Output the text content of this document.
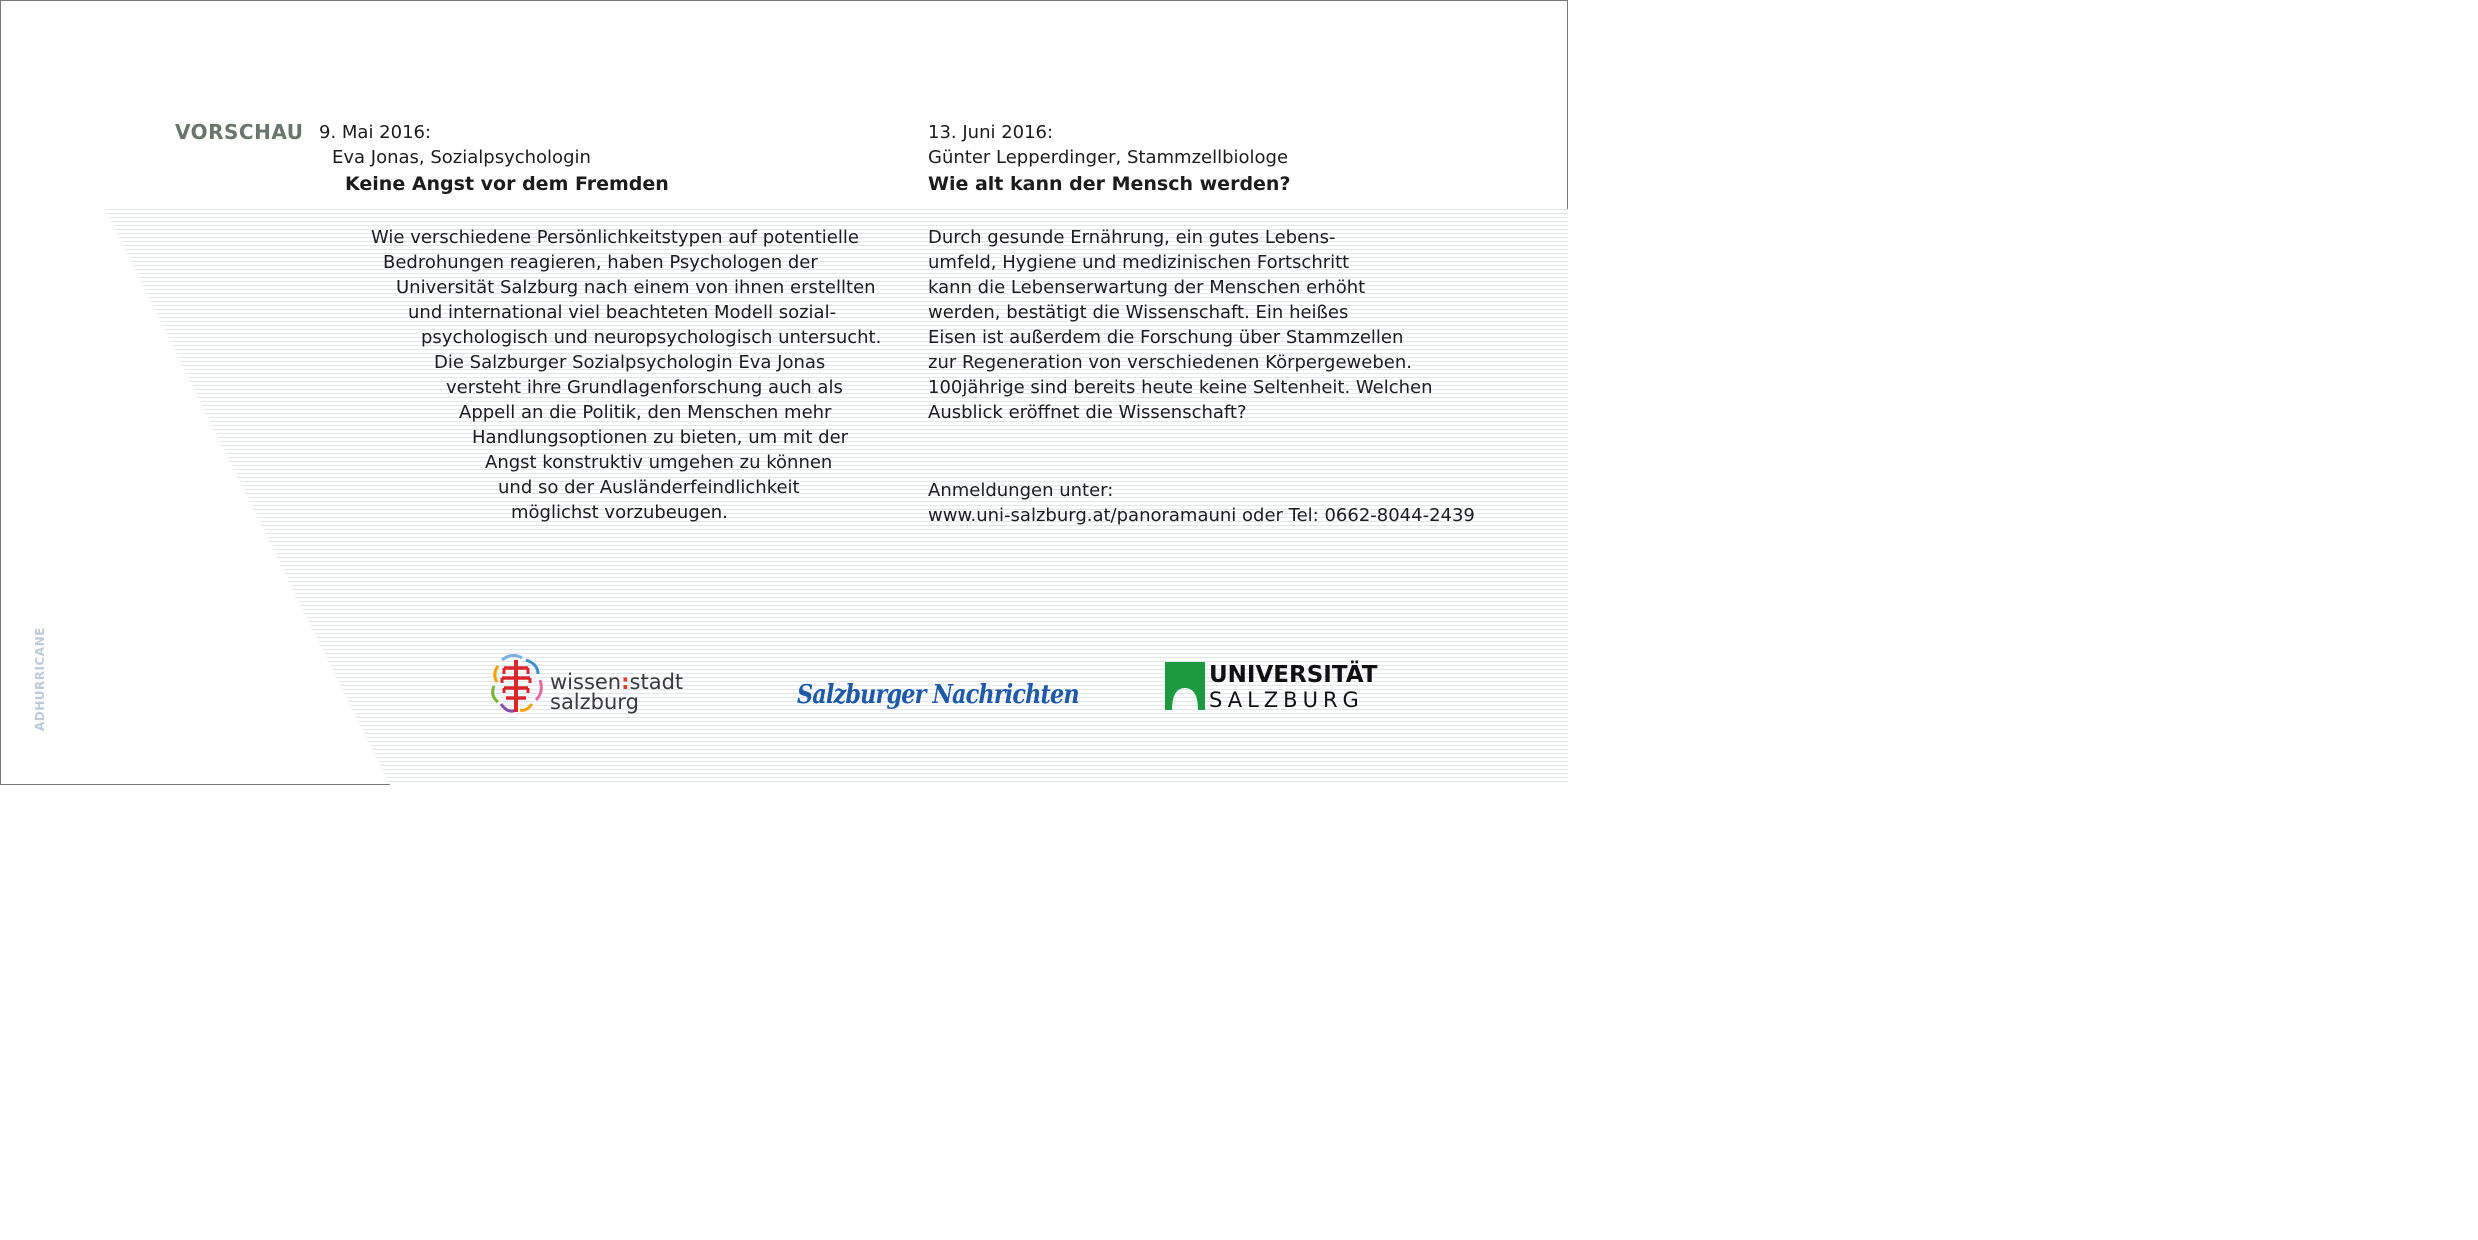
VORSCHAU
ADHURRICANE
9. Mai 2016:
Eva Jonas, Sozialpsychologin
Keine Angst vor dem Fremden
Wie verschiedene Persönlichkeitstypen auf potentielle
Bedrohungen reagieren, haben Psychologen der
Universität Salzburg nach einem von ihnen erstellten
und international viel beachteten Modell sozial-
psychologisch und neuropsychologisch untersucht.
Die Salzburger Sozialpsychologin Eva Jonas
versteht ihre Grundlagenforschung auch als
Appell an die Politik, den Menschen mehr
Handlungsoptionen zu bieten, um mit der
Angst konstruktiv umgehen zu können
und so der Ausländerfeindlichkeit
möglichst vorzubeugen.
13. Juni 2016:
Günter Lepperdinger, Stammzellbiologe
Wie alt kann der Mensch werden?
Durch gesunde Ernährung, ein gutes Lebens-
umfeld, Hygiene und medizinischen Fortschritt
kann die Lebenserwartung der Menschen erhöht
werden, bestätigt die Wissenschaft. Ein heißes
Eisen ist außerdem die Forschung über Stammzellen
zur Regeneration von verschiedenen Körpergeweben.
100jährige sind bereits heute keine Seltenheit. Welchen
Ausblick eröffnet die Wissenschaft?
Anmeldungen unter:
www.uni-salzburg.at/panoramauni oder Tel: 0662-8044-2439
wissen:stadt
salzburg	Salzburger Nachrichten
UNIVERSITÄT
SALZBURG
